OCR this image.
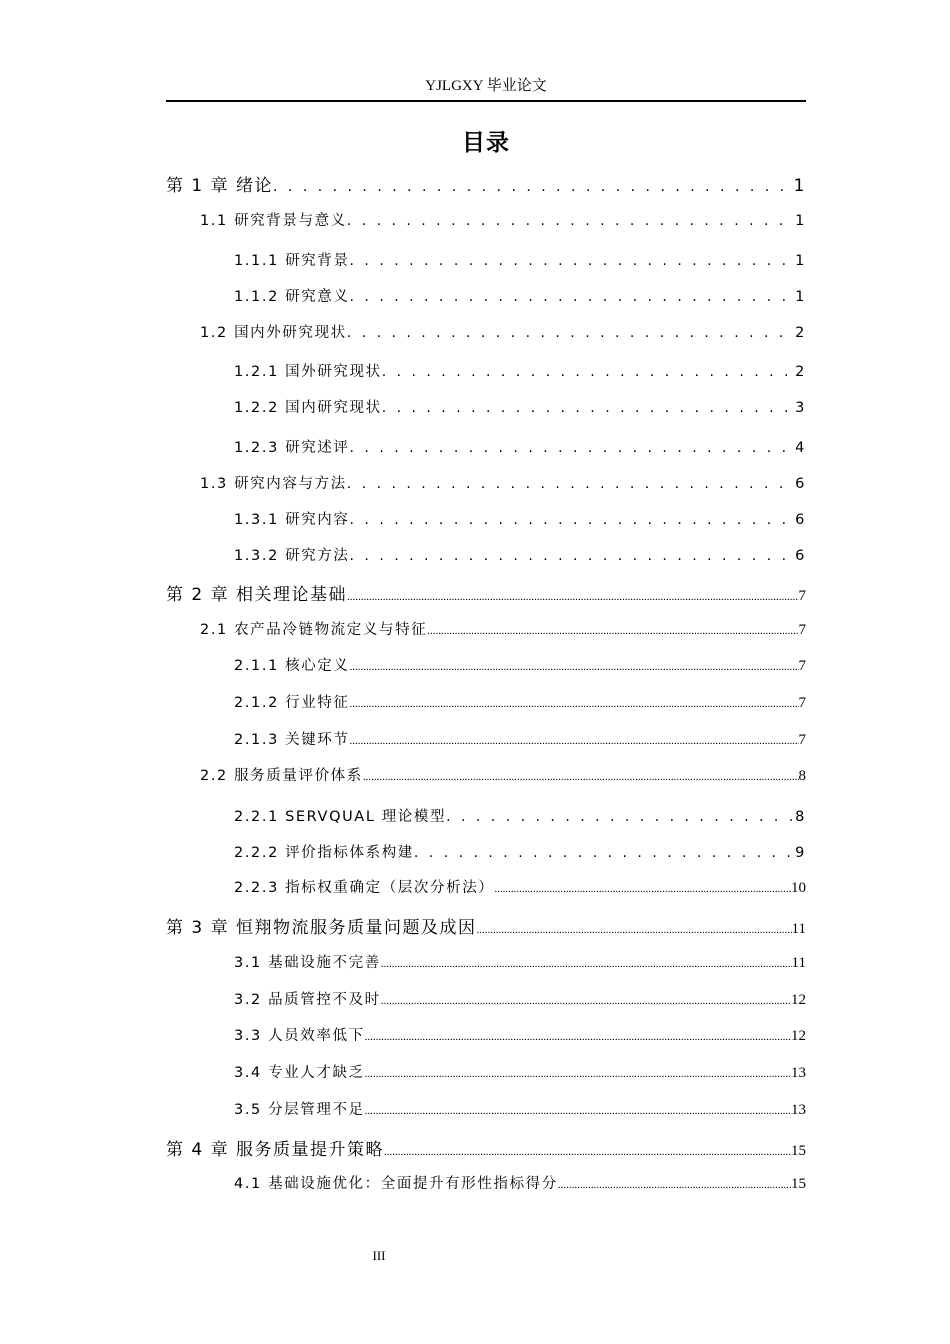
YJLGXY 毕业论文
目录
第 1 章 绪论 . . .	1
1.1 研究背景与意义 . . .	1
1.1.1 研究背景 . . .	1
1.1.2 研究意义 . . .	1
1.2 国内外研究现状 . . .	2
1.2.1 国外研究现状 . . .	2
1.2.2 国内研究现状 . . .	3
1.2.3 研究述评 . . .	4
1.3 研究内容与方法 . . .	6
1.3.1 研究内容 . . .	6
1.3.2 研究方法 . . .	6
第 2 章 相关理论基础 .....	7
2.1 农产品冷链物流定义与特征 .....	7
2.1.1 核心定义 .....	7
2.1.2 行业特征 .....	7
2.1.3 关键环节 .....	7
2.2 服务质量评价体系 .....	8
2.2.1 SERVQUAL 理论模型 . . .	8
2.2.2 评价指标体系构建 . . .	9
2.2.3 指标权重确定（层次分析法） .....	10
第 3 章 恒翔物流服务质量问题及成因 .....	11
3.1 基础设施不完善 .....	11
3.2 品质管控不及时 .....	12
3.3 人员效率低下 .....	12
3.4 专业人才缺乏 .....	13
3.5 分层管理不足 .....	13
第 4 章 服务质量提升策略 .....	15
4.1 基础设施优化：全面提升有形性指标得分 .....	15
III
